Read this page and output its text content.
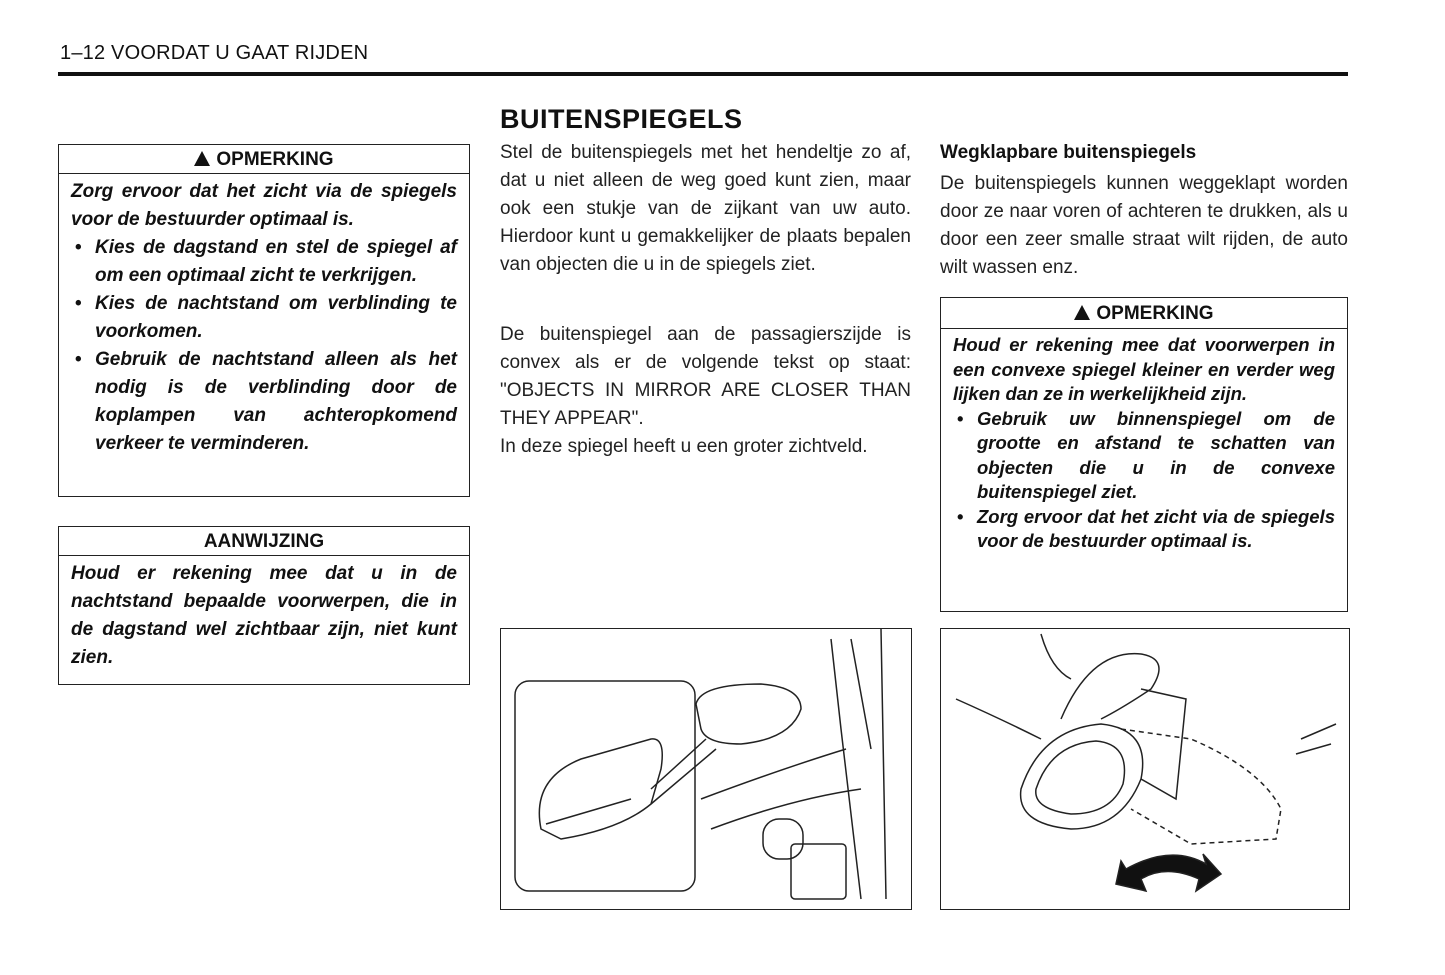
1–12 VOORDAT U GAAT RIJDEN
OPMERKING
Zorg ervoor dat het zicht via de spiegels voor de bestuurder optimaal is.
• Kies de dagstand en stel de spiegel af om een optimaal zicht te verkrijgen.
• Kies de nachtstand om verblinding te voorkomen.
• Gebruik de nachtstand alleen als het nodig is de verblinding door de koplampen van achteropkomend verkeer te verminderen.
AANWIJZING
Houd er rekening mee dat u in de nachtstand bepaalde voorwerpen, die in de dagstand wel zichtbaar zijn, niet kunt zien.
BUITENSPIEGELS
Stel de buitenspiegels met het hendeltje zo af, dat u niet alleen de weg goed kunt zien, maar ook een stukje van de zijkant van uw auto. Hierdoor kunt u gemakkelijker de plaats bepalen van objecten die u in de spiegels ziet.
De buitenspiegel aan de passagierszijde is convex als er de volgende tekst op staat: "OBJECTS IN MIRROR ARE CLOSER THAN THEY APPEAR".
In deze spiegel heeft u een groter zichtveld.
Wegklapbare buitenspiegels
De buitenspiegels kunnen weggeklapt worden door ze naar voren of achteren te drukken, als u door een zeer smalle straat wilt rijden, de auto wilt wassen enz.
OPMERKING
Houd er rekening mee dat voorwerpen in een convexe spiegel kleiner en verder weg lijken dan ze in werkelijkheid zijn.
• Gebruik uw binnenspiegel om de grootte en afstand te schatten van objecten die u in de convexe buitenspiegel ziet.
• Zorg ervoor dat het zicht via de spiegels voor de bestuurder optimaal is.
